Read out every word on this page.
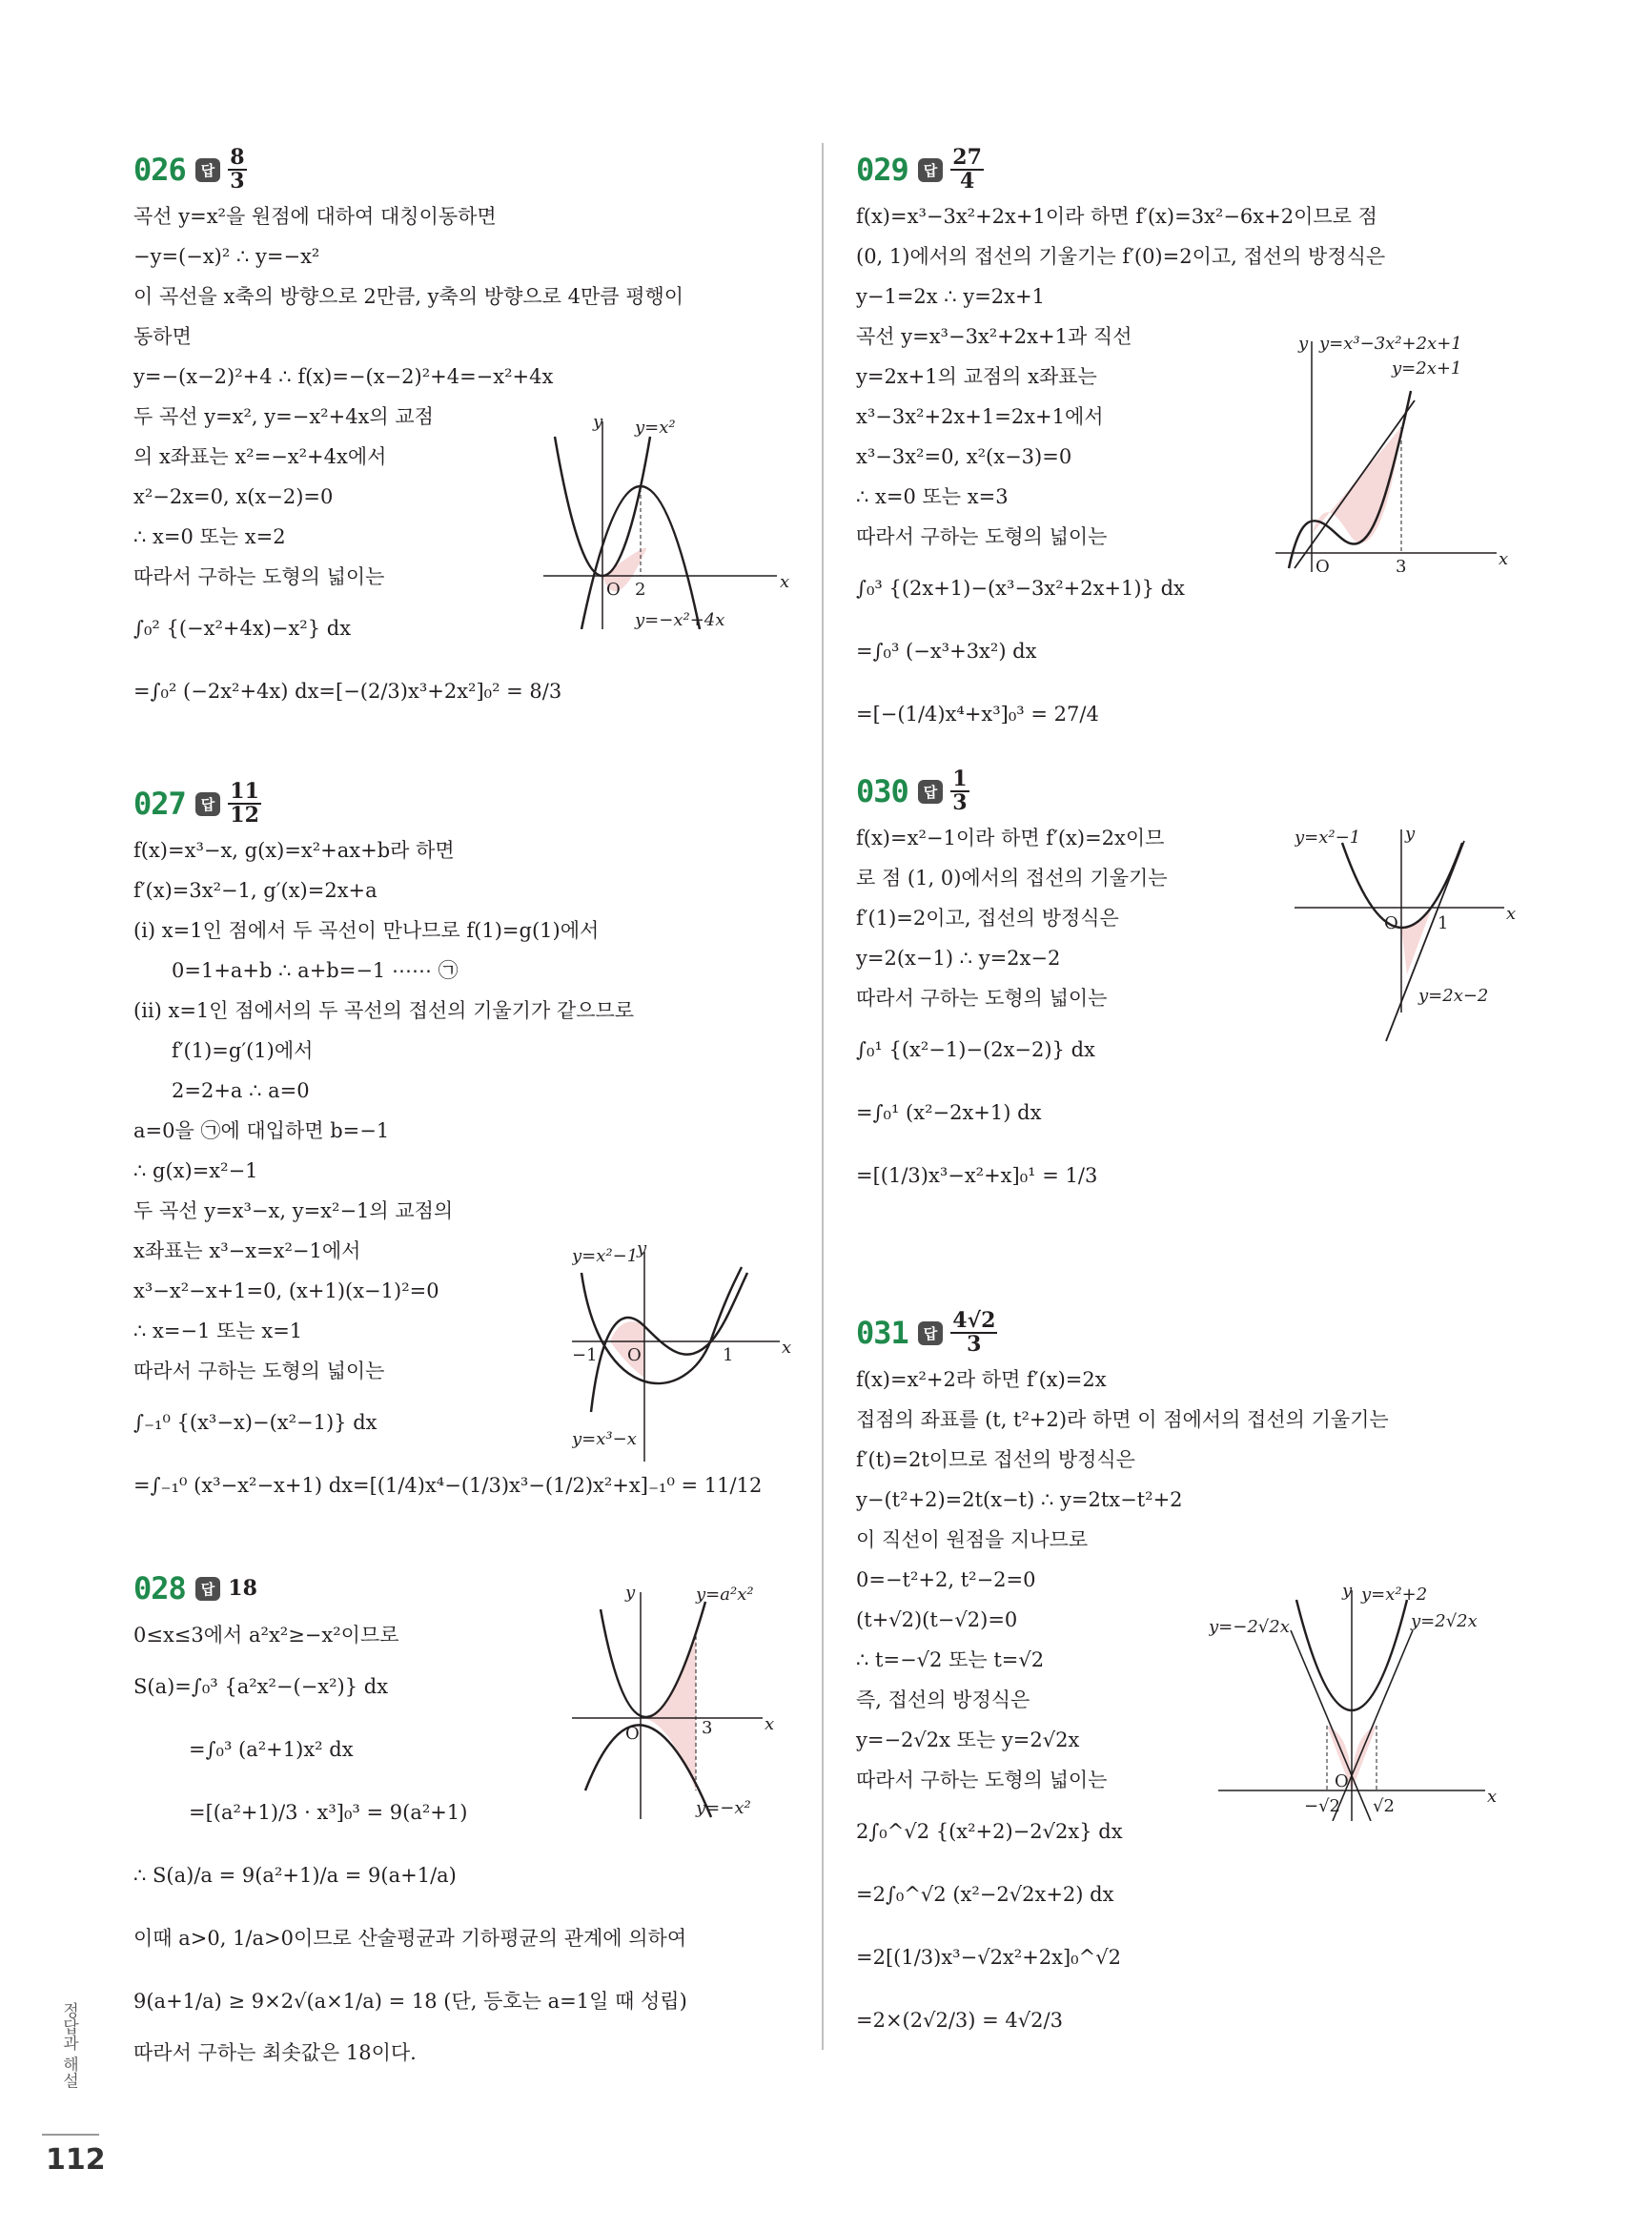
026	답 $\frac{8}{3}$
곡선 y=x²을 원점에 대하여 대칭이동하면
−y=(−x)² ∴ y=−x²
이 곡선을 x축의 방향으로 2만큼, y축의 방향으로 4만큼 평행이
동하면
y=−(x−2)²+4 ∴ f(x)=−(x−2)²+4=−x²+4x
두 곡선 y=x², y=−x²+4x의 교점
의 x좌표는 x²=−x²+4x에서
x²−2x=0, x(x−2)=0
∴ x=0 또는 x=2
따라서 구하는 도형의 넓이는
∫₀² {(−x²+4x)−x²} dx
=∫₀² (−2x²+4x) dx=[−(2/3)x³+2x²]₀² = 8/3
y
x
O 2
y=x²
y=−x²+4x
027	답 $\frac{11}{12}$
f(x)=x³−x, g(x)=x²+ax+b라 하면
f′(x)=3x²−1, g′(x)=2x+a
(ⅰ) x=1인 점에서 두 곡선이 만나므로 f(1)=g(1)에서
0=1+a+b ∴ a+b=−1 ⋯⋯ ㉠
(ⅱ) x=1인 점에서의 두 곡선의 접선의 기울기가 같으므로
f′(1)=g′(1)에서
2=2+a ∴ a=0
a=0을 ㉠에 대입하면 b=−1
∴ g(x)=x²−1
두 곡선 y=x³−x, y=x²−1의 교점의
x좌표는 x³−x=x²−1에서
x³−x²−x+1=0, (x+1)(x−1)²=0
∴ x=−1 또는 x=1
따라서 구하는 도형의 넓이는
∫₋₁⁰ {(x³−x)−(x²−1)} dx
=∫₋₁⁰ (x³−x²−x+1) dx=[(1/4)x⁴−(1/3)x³−(1/2)x²+x]₋₁⁰ = 11/12
y
x
O
−1	1
y=x²−1
y=x³−x
028	답 18
0≤x≤3에서 a²x²≥−x²이므로
S(a)=∫₀³ {a²x²−(−x²)} dx
=∫₀³ (a²+1)x² dx
=[(a²+1)/3 · x³]₀³ = 9(a²+1)
∴ S(a)/a = 9(a²+1)/a = 9(a+1/a)
이때 a>0, 1/a>0이므로 산술평균과 기하평균의 관계에 의하여
9(a+1/a) ≥ 9×2√(a×1/a) = 18 (단, 등호는 a=1일 때 성립)
따라서 구하는 최솟값은 18이다.
y
x
O	3
y=a²x²
y=−x²
029	답 $\frac{27}{4}$
f(x)=x³−3x²+2x+1이라 하면 f′(x)=3x²−6x+2이므로 점
(0, 1)에서의 접선의 기울기는 f′(0)=2이고, 접선의 방정식은
y−1=2x ∴ y=2x+1
곡선 y=x³−3x²+2x+1과 직선
y=2x+1의 교점의 x좌표는
x³−3x²+2x+1=2x+1에서
x³−3x²=0, x²(x−3)=0
∴ x=0 또는 x=3
따라서 구하는 도형의 넓이는
∫₀³ {(2x+1)−(x³−3x²+2x+1)} dx
=∫₀³ (−x³+3x²) dx
=[−(1/4)x⁴+x³]₀³ = 27/4
y
x
O	3
y=x³−3x²+2x+1
y=2x+1
030	답 $\frac{1}{3}$
f(x)=x²−1이라 하면 f′(x)=2x이므
로 점 (1, 0)에서의 접선의 기울기는
f′(1)=2이고, 접선의 방정식은
y=2(x−1) ∴ y=2x−2
따라서 구하는 도형의 넓이는
∫₀¹ {(x²−1)−(2x−2)} dx
=∫₀¹ (x²−2x+1) dx
=[(1/3)x³−x²+x]₀¹ = 1/3
y
x
O 1
y=x²−1
y=2x−2
031	답 $\frac{4√2}{3}$
f(x)=x²+2라 하면 f′(x)=2x
접점의 좌표를 (t, t²+2)라 하면 이 점에서의 접선의 기울기는
f′(t)=2t이므로 접선의 방정식은
y−(t²+2)=2t(x−t) ∴ y=2tx−t²+2
이 직선이 원점을 지나므로
0=−t²+2, t²−2=0
(t+√2)(t−√2)=0
∴ t=−√2 또는 t=√2
즉, 접선의 방정식은
y=−2√2x 또는 y=2√2x
따라서 구하는 도형의 넓이는
2∫₀^√2 {(x²+2)−2√2x} dx
=2∫₀^√2 (x²−2√2x+2) dx
=2[(1/3)x³−√2x²+2x]₀^√2
=2×(2√2/3) = 4√2/3
y
x
O
−√2 √2
y=x²+2
y=−2√2x	y=2√2x
정답과 해설
112
